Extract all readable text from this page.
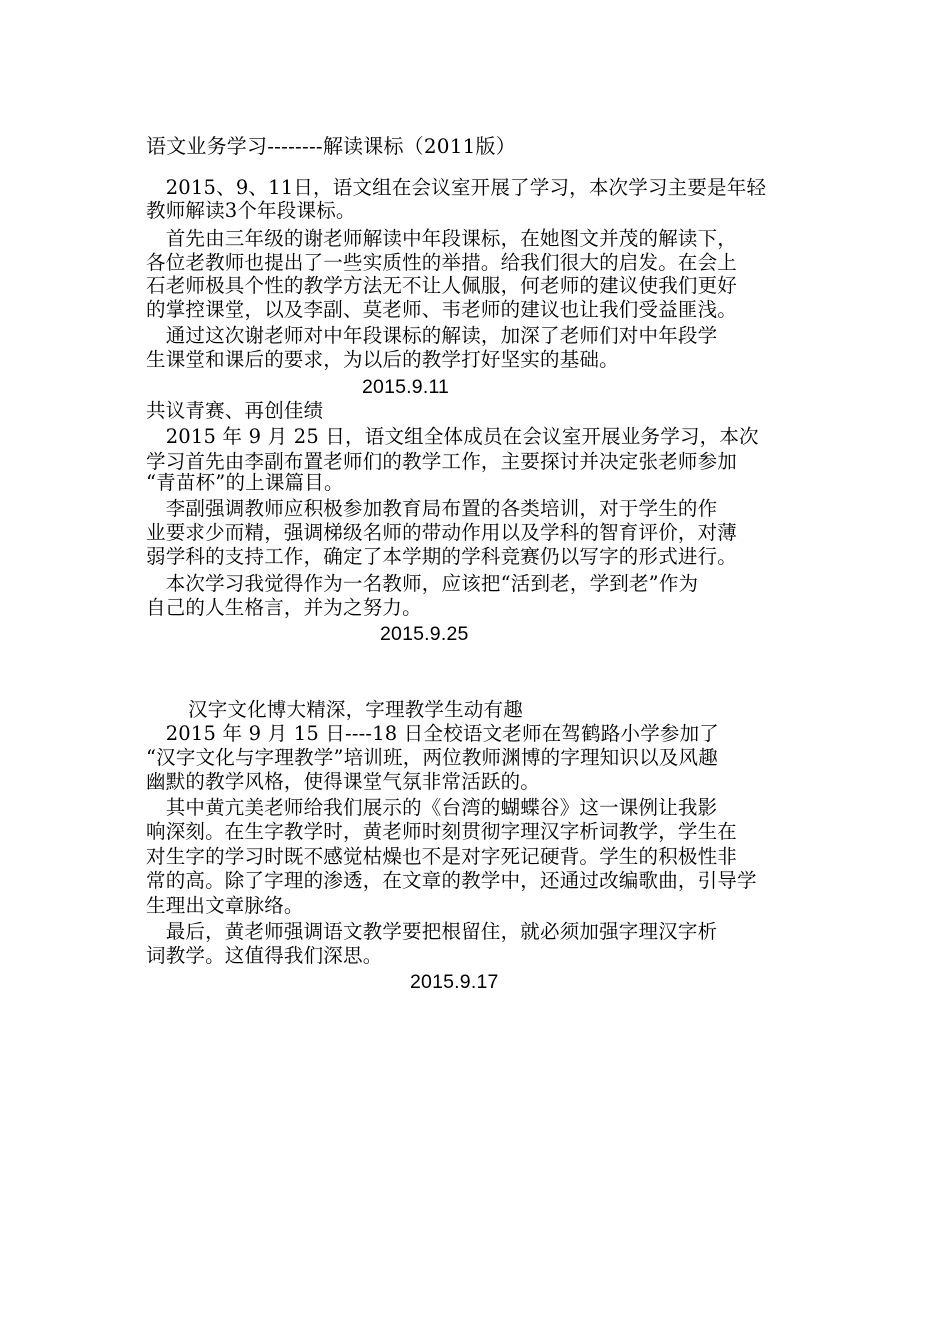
语文业务学习--------解读课标（2011版）
　2015、9、11日，语文组在会议室开展了学习，本次学习主要是年轻
教师解读3个年段课标。
　首先由三年级的谢老师解读中年段课标，在她图文并茂的解读下，
各位老教师也提出了一些实质性的举措。给我们很大的启发。在会上
石老师极具个性的教学方法无不让人佩服，何老师的建议使我们更好
的掌控课堂，以及李副、莫老师、韦老师的建议也让我们受益匪浅。
　通过这次谢老师对中年段课标的解读，加深了老师们对中年段学
生课堂和课后的要求，为以后的教学打好坚实的基础。
2015.9.11
共议青赛、再创佳绩
　2015 年 9 月 25 日，语文组全体成员在会议室开展业务学习，本次
学习首先由李副布置老师们的教学工作，主要探讨并决定张老师参加
“青苗杯”的上课篇目。
　李副强调教师应积极参加教育局布置的各类培训，对于学生的作
业要求少而精，强调梯级名师的带动作用以及学科的智育评价，对薄
弱学科的支持工作，确定了本学期的学科竞赛仍以写字的形式进行。
　本次学习我觉得作为一名教师，应该把“活到老，学到老”作为
自己的人生格言，并为之努力。
2015.9.25
汉字文化博大精深，字理教学生动有趣
　2015 年 9 月 15 日----18 日全校语文老师在驾鹤路小学参加了
“汉字文化与字理教学”培训班，两位教师渊博的字理知识以及风趣
幽默的教学风格，使得课堂气氛非常活跃的。
　其中黄亢美老师给我们展示的《台湾的蝴蝶谷》这一课例让我影
响深刻。在生字教学时，黄老师时刻贯彻字理汉字析词教学，学生在
对生字的学习时既不感觉枯燥也不是对字死记硬背。学生的积极性非
常的高。除了字理的渗透，在文章的教学中，还通过改编歌曲，引导学
生理出文章脉络。
　最后，黄老师强调语文教学要把根留住，就必须加强字理汉字析
词教学。这值得我们深思。
2015.9.17
